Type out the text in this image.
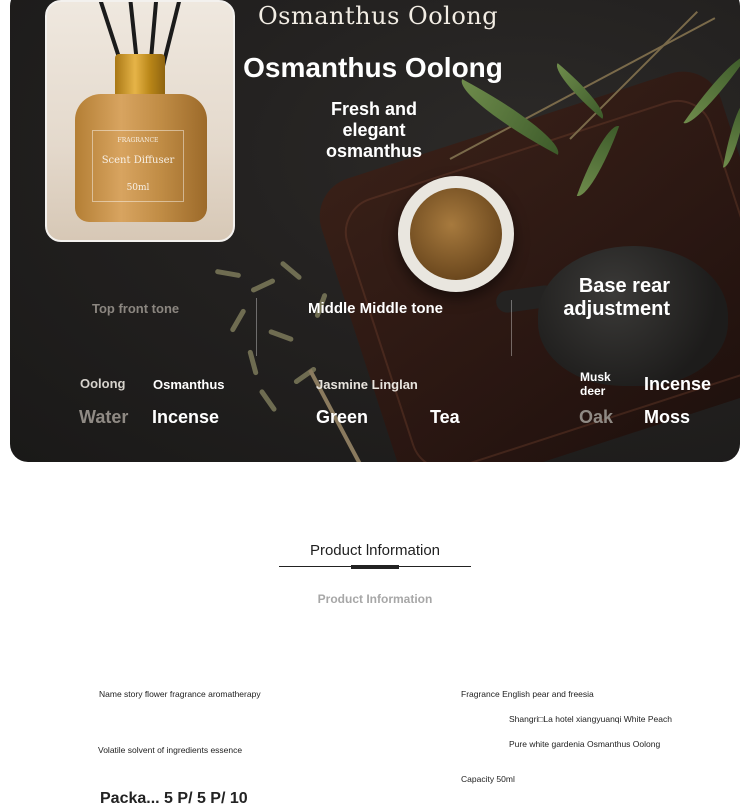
FRAGRANCE
Scent Diffuser
50ml
Osmanthus Oolong
Osmanthus Oolong
Fresh and elegant osmanthus
Top front tone	Middle Middle tone
Base rear adjustment
Oolong
Water
Osmanthus
Incense
Jasmine Linglan
Green	Tea
Musk deer
Oak
Incense
Moss
Product lnformation
Product Information
Name story flower fragrance aromatherapy
Volatile solvent of ingredients essence
Fragrance English pear and freesia
Shangri□La hotel xiangyuanqi White Peach
Pure white gardenia Osmanthus Oolong
Capacity 50ml
Packa... 5 P/ 5 P/ 10
